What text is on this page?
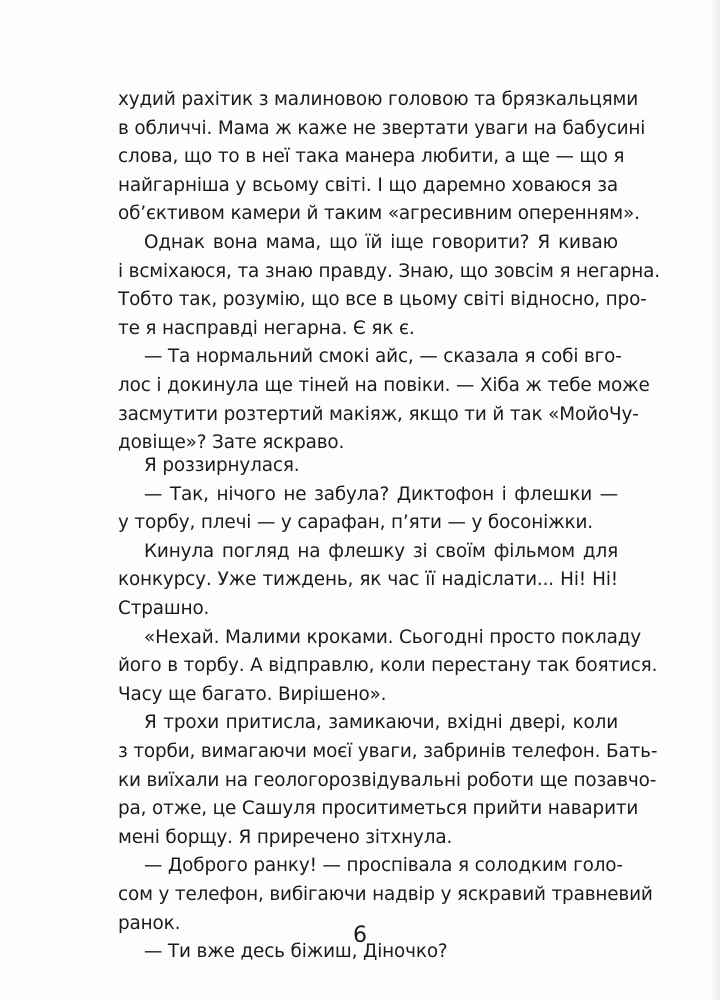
худий рахітик з малиновою головою та брязкальцями
в обличчі. Мама ж каже не звертати уваги на бабусині
слова, що то в неї така манера любити, а ще — що я
найгарніша у всьому світі. І що даремно ховаюся за
об’єктивом камери й таким «агресивним оперенням».
Однак вона мама, що їй іще говорити? Я киваю
і всміхаюся, та знаю правду. Знаю, що зовсім я негарна.
Тобто так, розумію, що все в цьому світі відносно, про-
те я насправді негарна. Є як є.
— Та нормальний смокі айс, — сказала я собі вго-
лос і докинула ще тіней на повіки. — Хіба ж тебе може
засмутити розтертий макіяж, якщо ти й так «МойоЧу-
довіще»? Зате яскраво.
Я роззирнулася.
— Так, нічого не забула? Диктофон і флешки —
у торбу, плечі — у сарафан, п’яти — у босоніжки.
Кинула погляд на флешку зі своїм фільмом для
конкурсу. Уже тиждень, як час її надіслати... Ні! Ні!
Страшно.
«Нехай. Малими кроками. Сьогодні просто покладу
його в торбу. А відправлю, коли перестану так боятися.
Часу ще багато. Вирішено».
Я трохи притисла, замикаючи, вхідні двері, коли
з торби, вимагаючи моєї уваги, забринів телефон. Бать-
ки виїхали на геологорозвідувальні роботи ще позавчо-
ра, отже, це Сашуля проситиметься прийти наварити
мені борщу. Я приречено зітхнула.
— Доброго ранку! — проспівала я солодким голо-
сом у телефон, вибігаючи надвір у яскравий травневий
ранок.
— Ти вже десь біжиш, Діночко?
6
